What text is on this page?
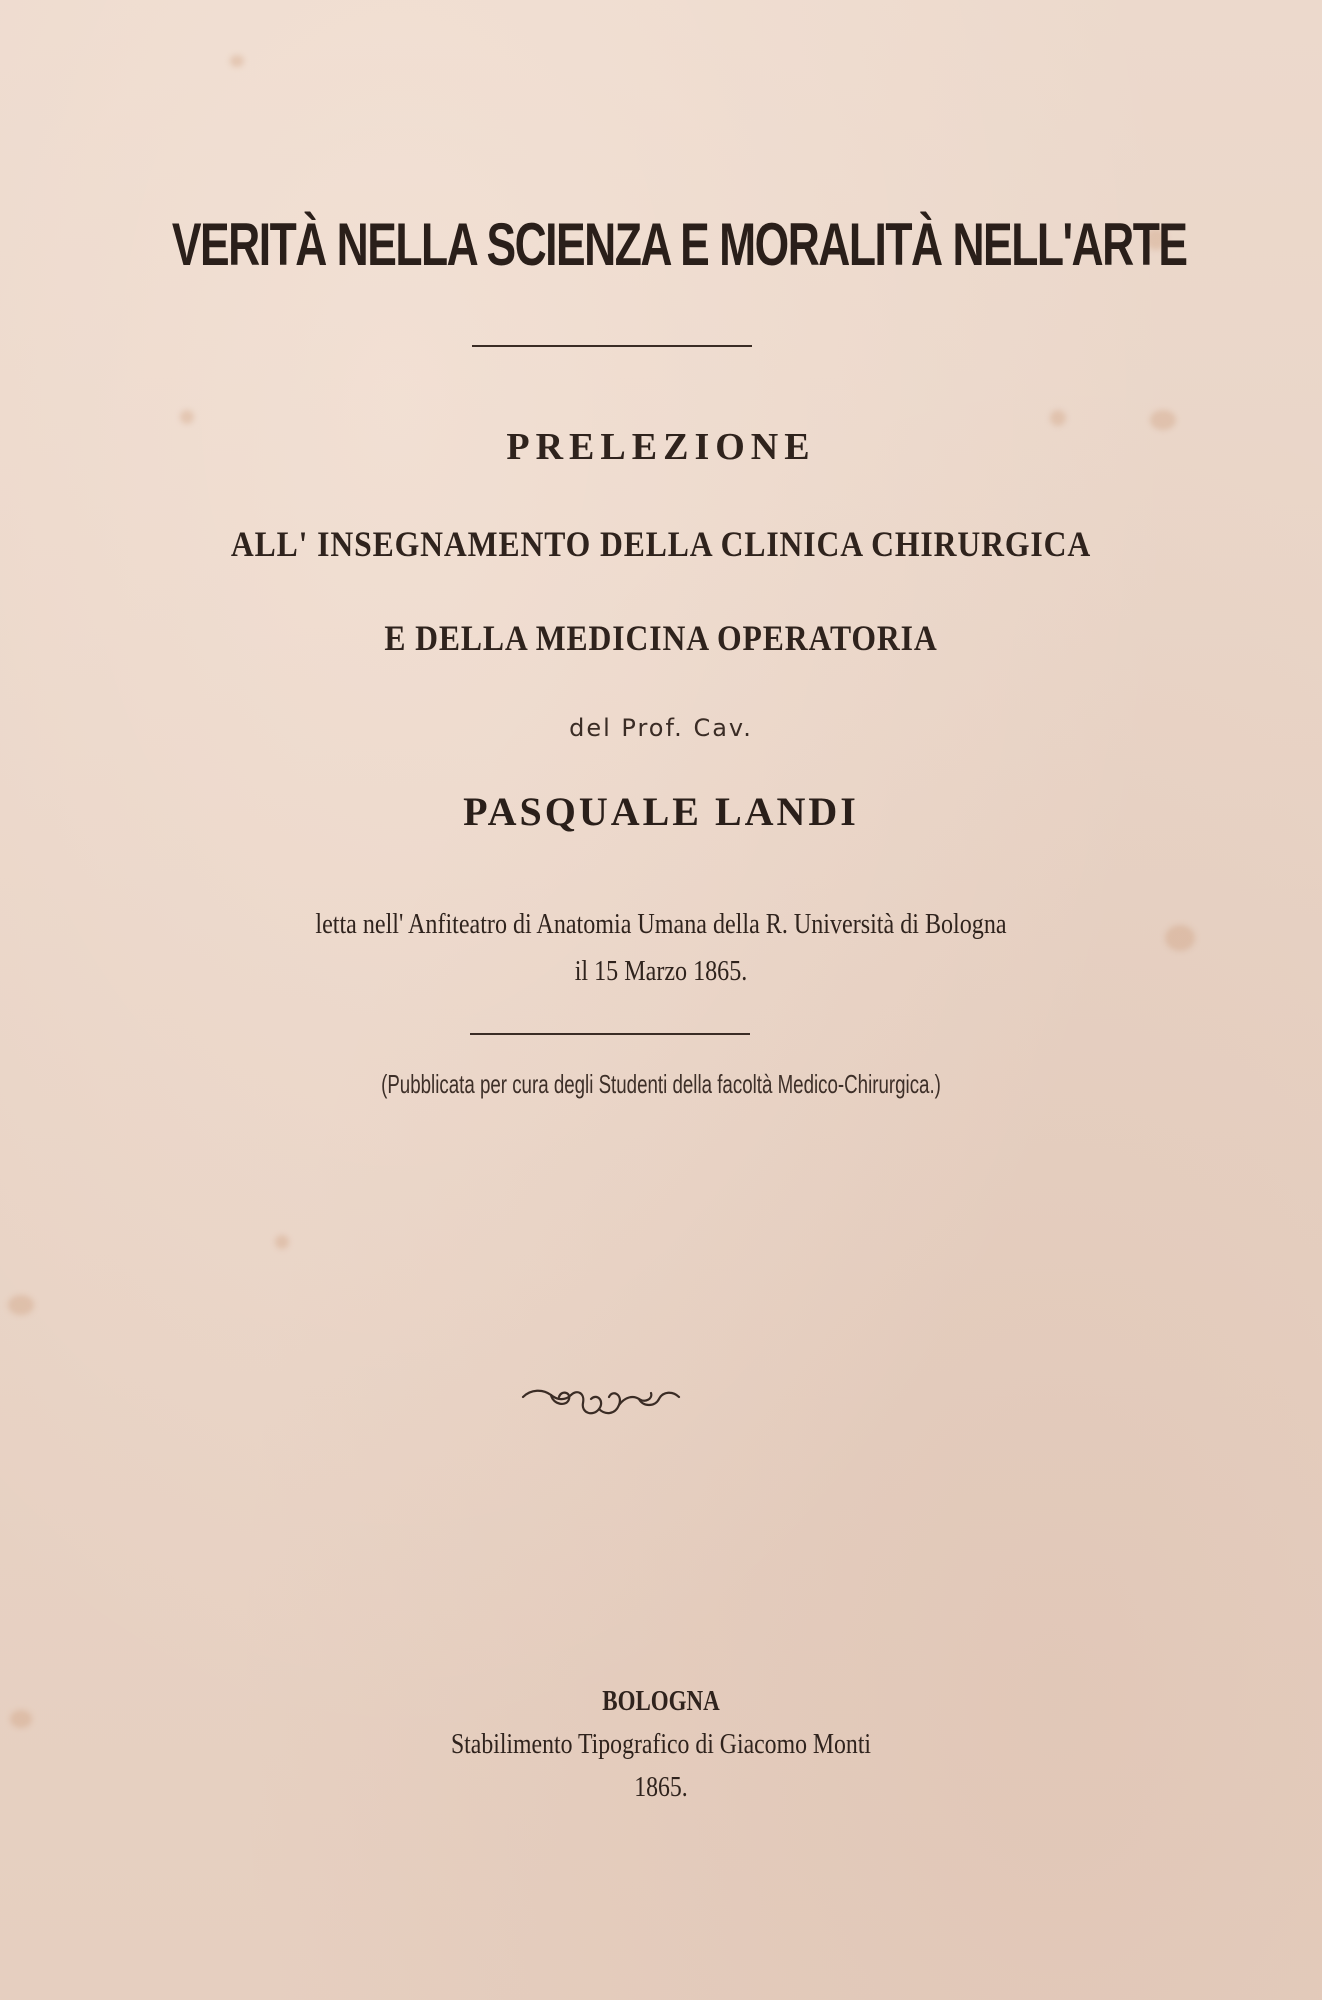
VERITÀ NELLA SCIENZA E MORALITÀ NELL'ARTE

PRELEZIONE

ALL' INSEGNAMENTO DELLA CLINICA CHIRURGICA

E DELLA MEDICINA OPERATORIA

del Prof. Cav.

PASQUALE LANDI

letta nell' Anfiteatro di Anatomia Umana della R. Università di Bologna

il 15 Marzo 1865.

(Pubblicata per cura degli Studenti della facoltà Medico-Chirurgica.)

BOLOGNA

Stabilimento Tipografico di Giacomo Monti

1865.
